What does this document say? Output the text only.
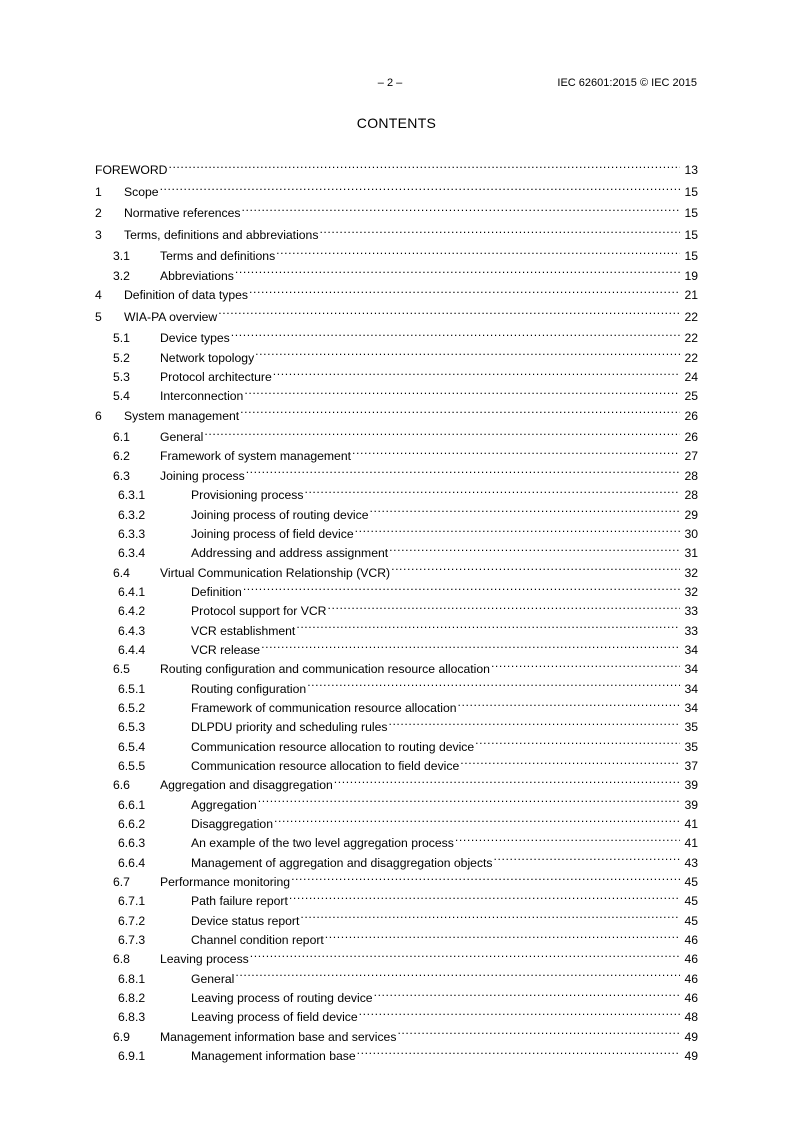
– 2 –	IEC 62601:2015 © IEC 2015
CONTENTS
FOREWORD .....	13
1	Scope .....	15
2	Normative references .....	15
3	Terms, definitions and abbreviations .....	15
3.1	Terms and definitions .....	15
3.2	Abbreviations .....	19
4	Definition of data types .....	21
5	WIA-PA overview .....	22
5.1	Device types .....	22
5.2	Network topology .....	22
5.3	Protocol architecture .....	24
5.4	Interconnection .....	25
6	System management .....	26
6.1	General .....	26
6.2	Framework of system management .....	27
6.3	Joining process .....	28
6.3.1	Provisioning process .....	28
6.3.2	Joining process of routing device .....	29
6.3.3	Joining process of field device .....	30
6.3.4	Addressing and address assignment .....	31
6.4	Virtual Communication Relationship (VCR) .....	32
6.4.1	Definition .....	32
6.4.2	Protocol support for VCR .....	33
6.4.3	VCR establishment .....	33
6.4.4	VCR release .....	34
6.5	Routing configuration and communication resource allocation .....	34
6.5.1	Routing configuration .....	34
6.5.2	Framework of communication resource allocation .....	34
6.5.3	DLPDU priority and scheduling rules .....	35
6.5.4	Communication resource allocation to routing device .....	35
6.5.5	Communication resource allocation to field device .....	37
6.6	Aggregation and disaggregation .....	39
6.6.1	Aggregation .....	39
6.6.2	Disaggregation .....	41
6.6.3	An example of the two level aggregation process .....	41
6.6.4	Management of aggregation and disaggregation objects .....	43
6.7	Performance monitoring .....	45
6.7.1	Path failure report .....	45
6.7.2	Device status report .....	45
6.7.3	Channel condition report .....	46
6.8	Leaving process .....	46
6.8.1	General .....	46
6.8.2	Leaving process of routing device .....	46
6.8.3	Leaving process of field device .....	48
6.9	Management information base and services .....	49
6.9.1	Management information base .....	49
